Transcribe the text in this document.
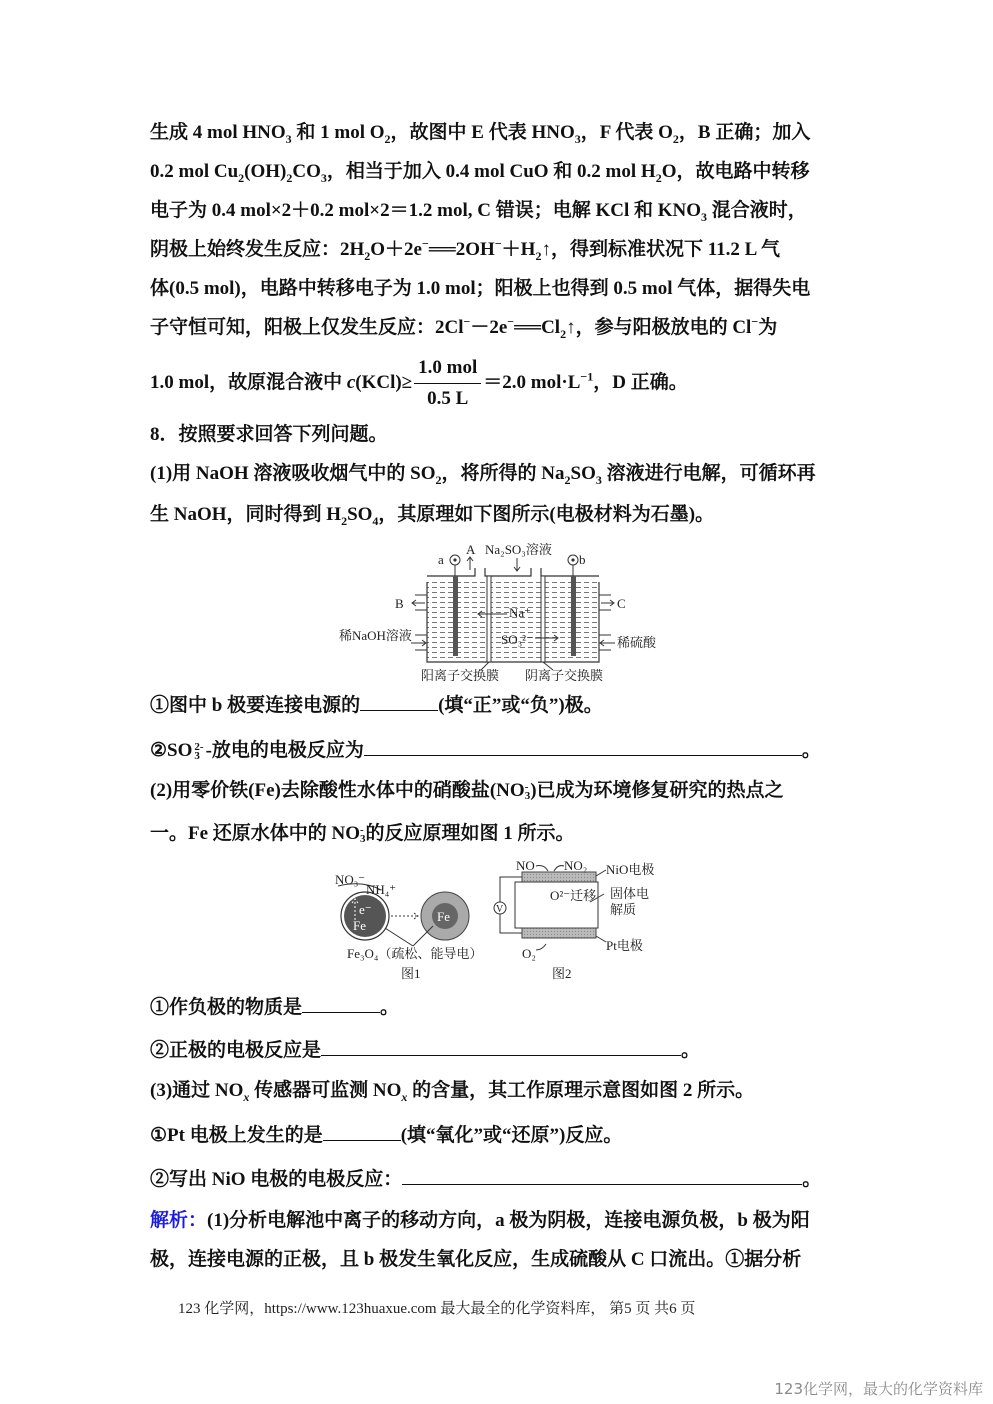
生成 4 mol $HNO_3$ 和 1 mol $O_2$，故图中 E 代表 $HNO_3$，F 代表 $O_2$，B 正确；加入
0.2 mol $Cu_2(OH)_2CO_3$，相当于加入 0.4 mol CuO 和 0.2 mol $H_2O$，故电路中转移
电子为 0.4 mol×2＋0.2 mol×2＝1.2 mol, C 错误；电解 KCl 和 $KNO_3$ 混合液时，
阴极上始终发生反应：$2H_2O+2e^-══2OH^-+H_2↑$，得到标准状况下 11.2 L 气
体(0.5 mol)，电路中转移电子为 1.0 mol；阳极上也得到 0.5 mol 气体，据得失电
子守恒可知，阳极上仅发生反应：$2Cl^--2e^-══Cl_2↑$，参与阳极放电的 Cl−为
1.0 mol，故原混合液中 $c(KCl)\ge \frac{\text{1.0 mol}}{0.5 L} =2.0$ $mol\cdot L^{-1}$，D 正确。
8．按照要求回答下列问题。
(1)用 NaOH 溶液吸收烟气中的 $SO_2$，将所得的 $Na_2SO_3$ 溶液进行电解，可循环再
生 NaOH，同时得到 $H_2SO_4$，其原理如下图所示(电极材料为石墨)。
a	b
A Na₂SO₃溶液
B	C
稀NaOH溶液	稀硫酸
Na⁺
SO₃²⁻
阳离子交换膜 阴离子交换膜
①图中 b 极要连接电源的	(填“正”或“负”)极。
②SO 2-
3 -放电的电极反应为	。
(2)用零价铁(Fe)去除酸性水体中的硝酸盐(NO -
3 )已成为环境修复研究的热点之
一。Fe 还原水体中的 NO -
3 的反应原理如图 1 所示。
NO₃⁻
NH₄⁺
e⁻
Fe
Fe
Fe₃O₄（疏松、能导电）
图1
V
NO NO₂ NiO电极
O²⁻迁移 固体电
解质
Pt电极
O₂
图2
①作负极的物质是	。
②正极的电极反应是	。
(3)通过 $NO_x$ 传感器可监测 $NO_x$ 的含量，其工作原理示意图如图 2 所示。
①Pt 电极上发生的是	(填“氧化”或“还原”)反应。
②写出 NiO 电极的电极反应：	。
解析：(1)分析电解池中离子的移动方向，a 极为阴极，连接电源负极，b 极为阳
极，连接电源的正极，且 b 极发生氧化反应，生成硫酸从 C 口流出。①据分析
123 化学网，https://www.123huaxue.com 最大最全的化学资料库， 第5 页 共6 页
123化学网，最大的化学资料库
